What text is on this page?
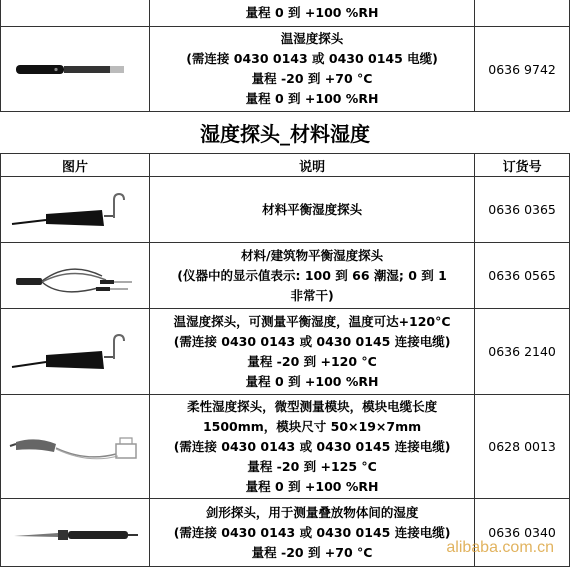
	量程 0 到 +100 %RH	

温湿度探头
(需连接 0430 0143 或 0430 0145 电缆)
量程 -20 到 +70 °C
量程 0 到 +100 %RH	0636 9742
湿度探头_材料湿度
图片	说明	订货号

材料平衡湿度探头	0636 0365

材料/建筑物平衡湿度探头
(仪器中的显示值表示: 100 到 66 潮湿; 0 到 1
非常干)	0636 0565

温湿度探头，可测量平衡湿度，温度可达+120°C
(需连接 0430 0143 或 0430 0145 连接电缆)
量程 -20 到 +120 °C
量程 0 到 +100 %RH	0636 2140

柔性湿度探头，微型测量模块，模块电缆长度
1500mm，模块尺寸 50×19×7mm
(需连接 0430 0143 或 0430 0145 连接电缆)
量程 -20 到 +125 °C
量程 0 到 +100 %RH	0628 0013

剑形探头，用于测量叠放物体间的湿度
(需连接 0430 0143 或 0430 0145 连接电缆)
量程 -20 到 +70 °C	0636 0340
alibaba.com.cn
